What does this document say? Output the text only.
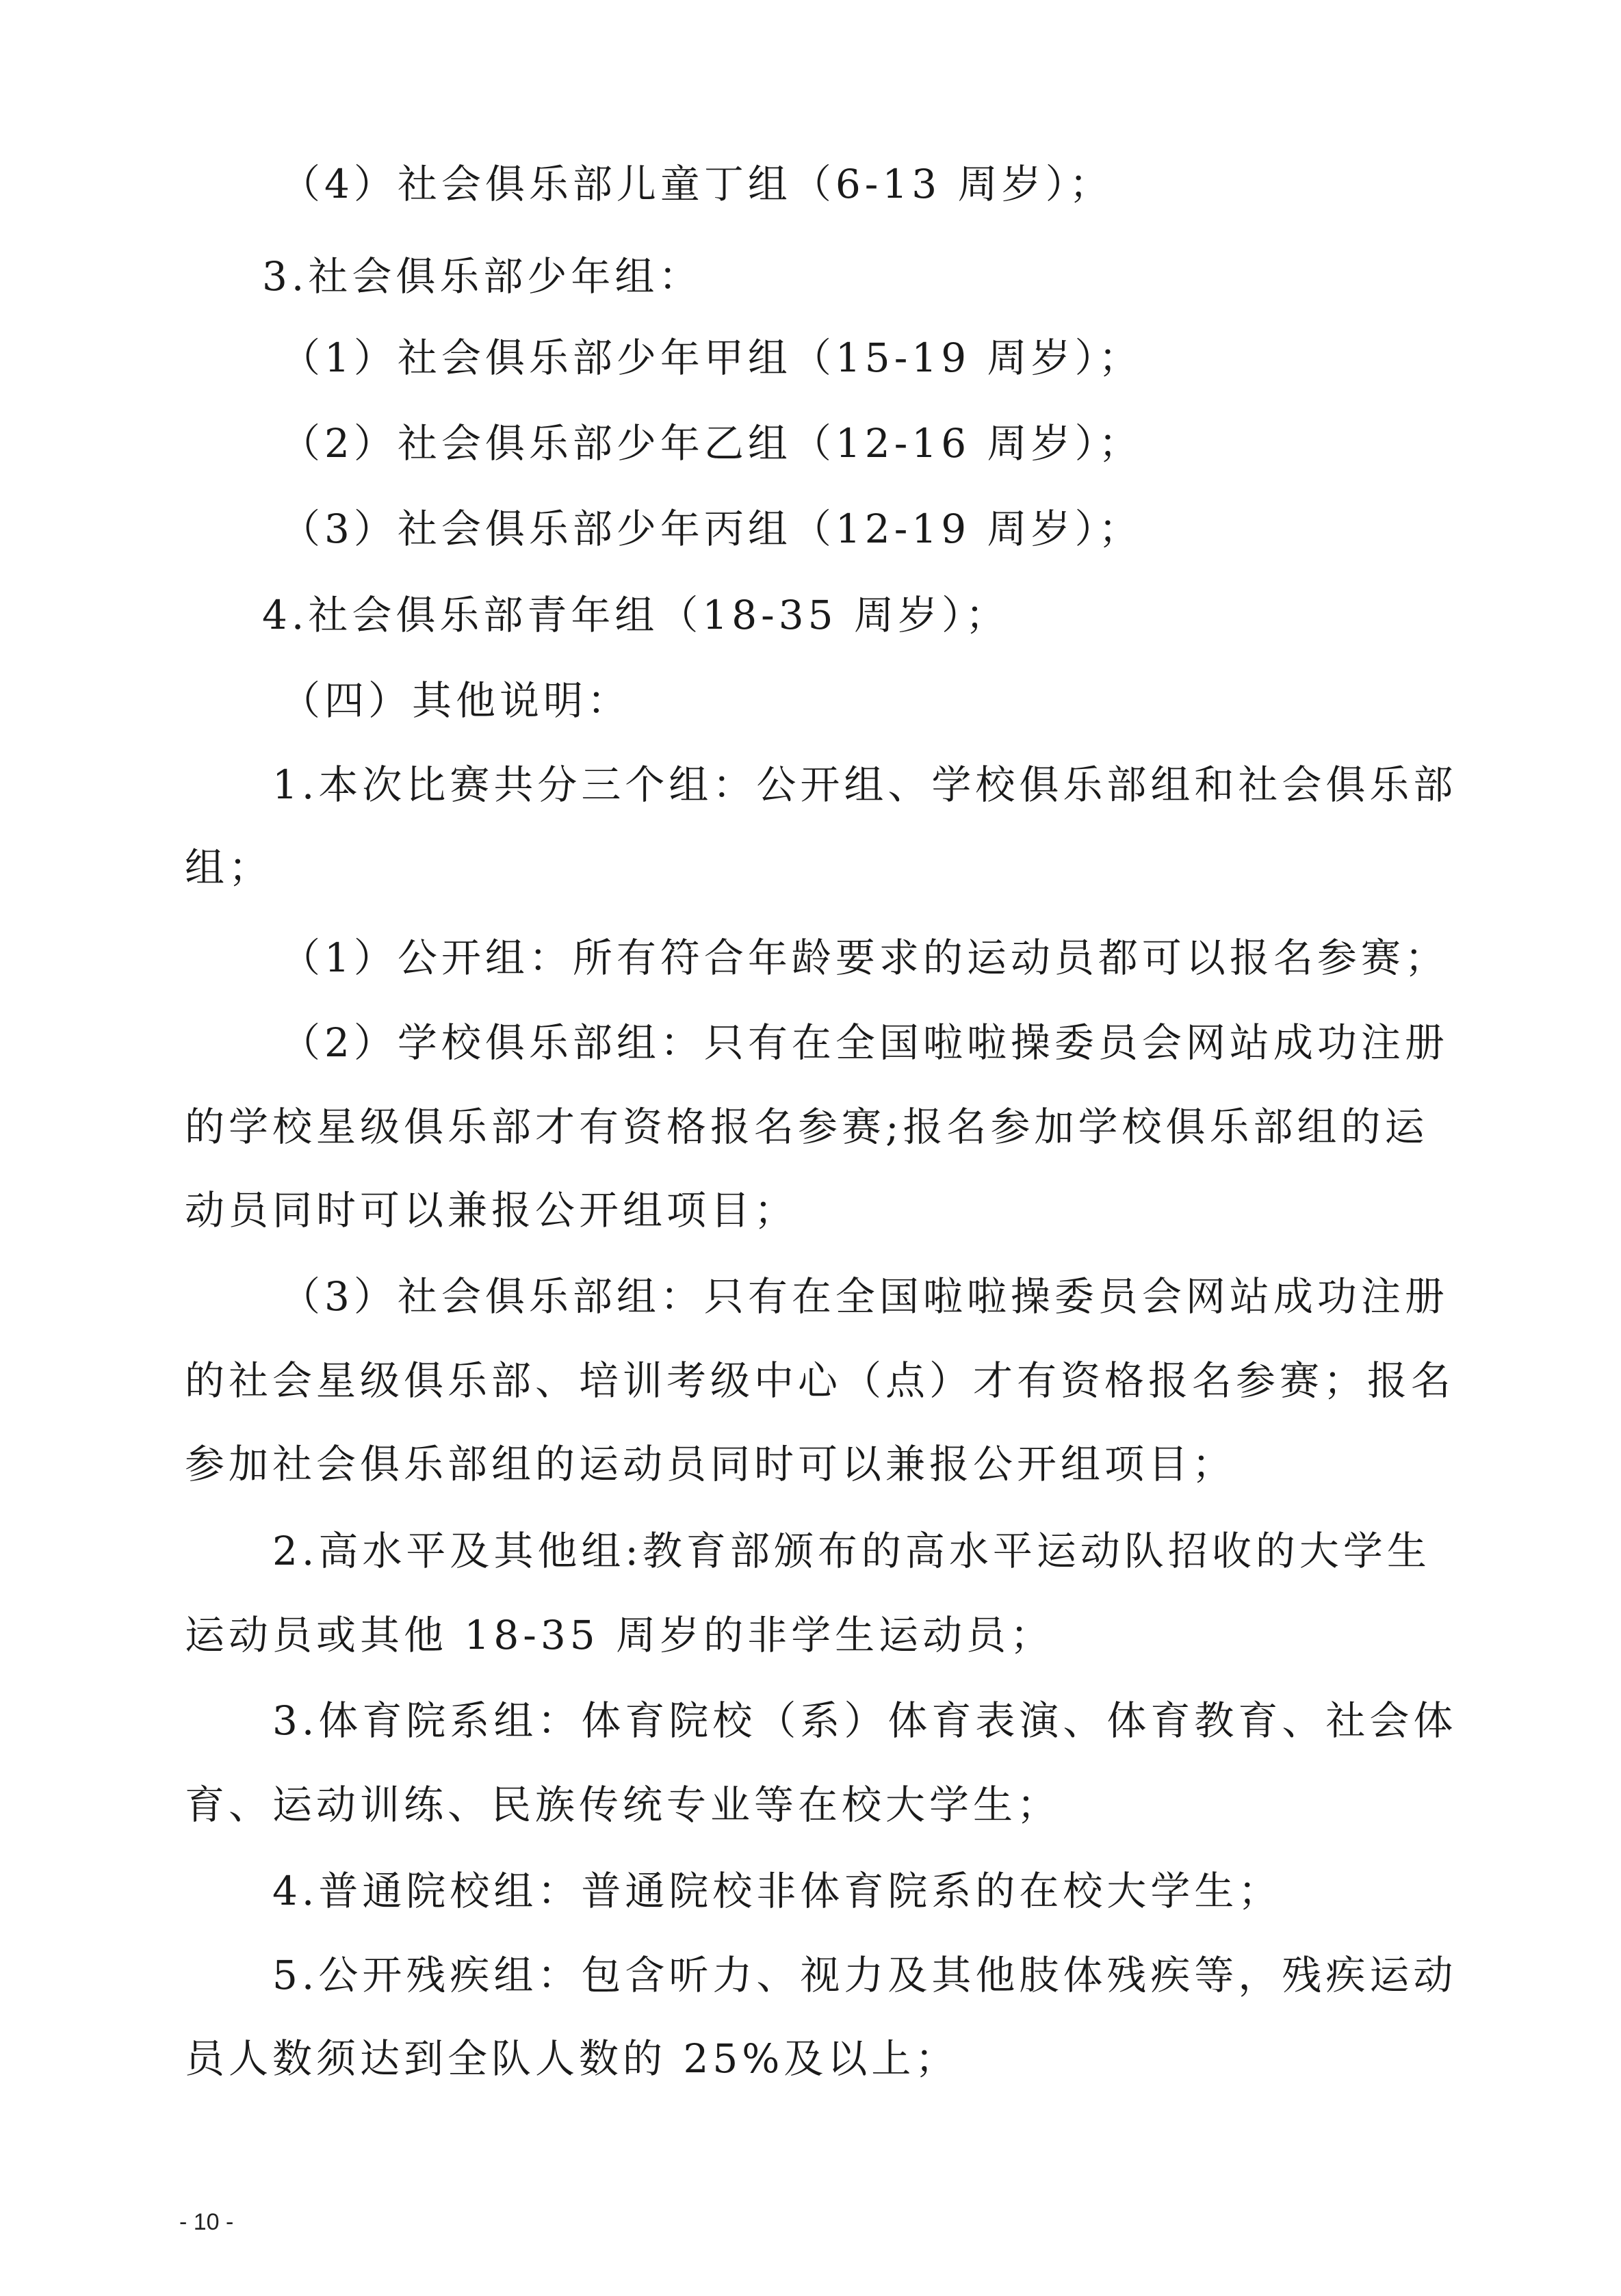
（4）社会俱乐部儿童丁组（6-13 周岁）；
3.社会俱乐部少年组：
（1）社会俱乐部少年甲组（15-19 周岁）；
（2）社会俱乐部少年乙组（12-16 周岁）；
（3）社会俱乐部少年丙组（12-19 周岁）；
4.社会俱乐部青年组（18-35 周岁）；
（四）其他说明：
1.本次比赛共分三个组：公开组、学校俱乐部组和社会俱乐部
组；
（1）公开组：所有符合年龄要求的运动员都可以报名参赛；
（2）学校俱乐部组：只有在全国啦啦操委员会网站成功注册
的学校星级俱乐部才有资格报名参赛;报名参加学校俱乐部组的运
动员同时可以兼报公开组项目；
（3）社会俱乐部组：只有在全国啦啦操委员会网站成功注册
的社会星级俱乐部、培训考级中心（点）才有资格报名参赛；报名
参加社会俱乐部组的运动员同时可以兼报公开组项目；
2.高水平及其他组:教育部颁布的高水平运动队招收的大学生
运动员或其他 18-35 周岁的非学生运动员；
3.体育院系组：体育院校（系）体育表演、体育教育、社会体
育、运动训练、民族传统专业等在校大学生；
4.普通院校组：普通院校非体育院系的在校大学生；
5.公开残疾组：包含听力、视力及其他肢体残疾等，残疾运动
员人数须达到全队人数的 25%及以上；
- 10 -
